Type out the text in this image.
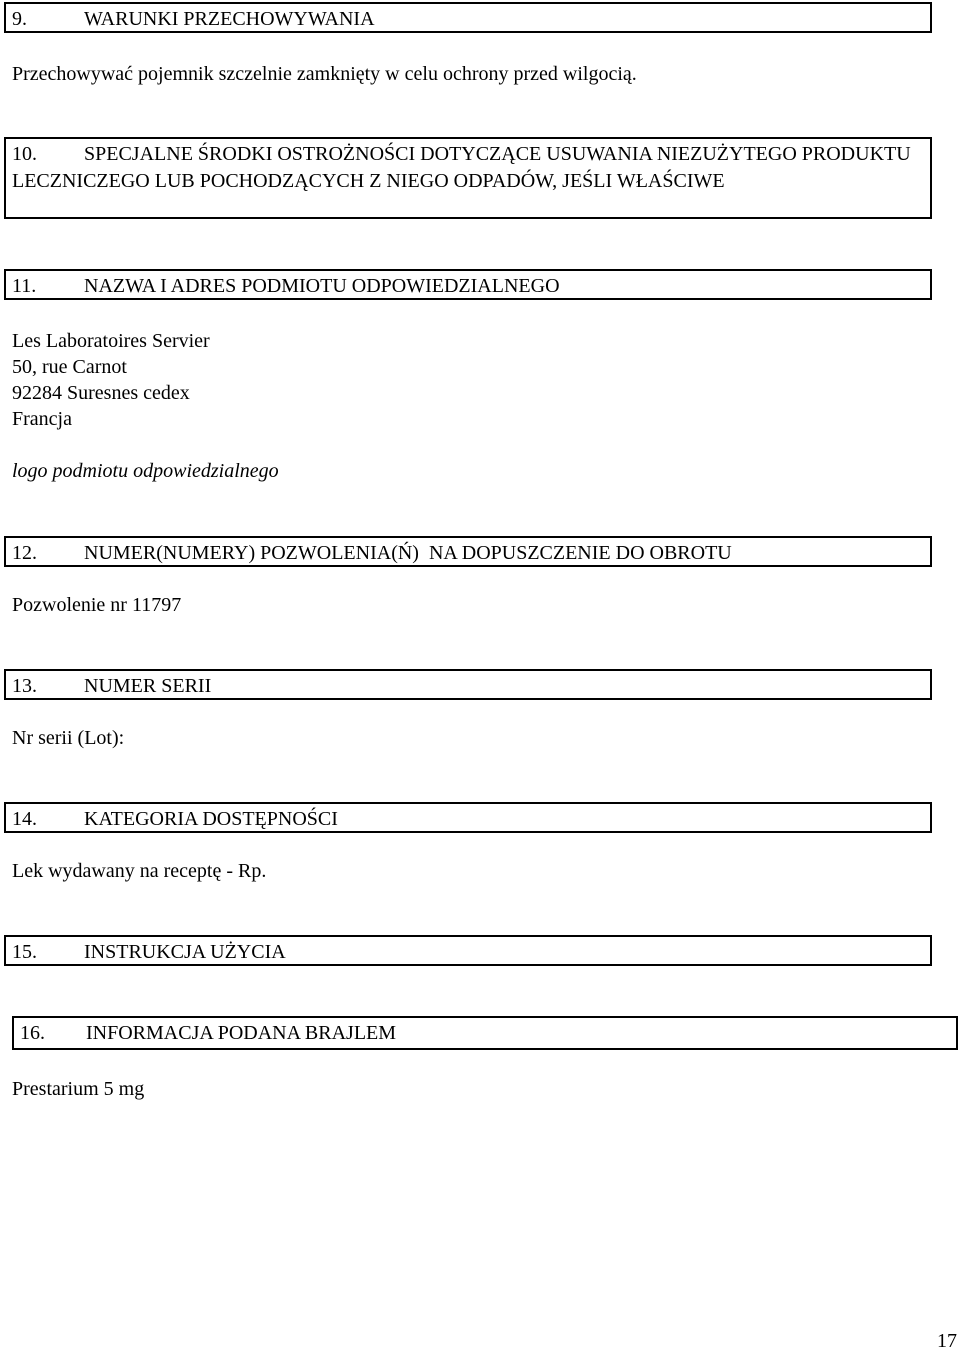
9.	WARUNKI PRZECHOWYWANIA
Przechowywać pojemnik szczelnie zamknięty w celu ochrony przed wilgocią.
10.	SPECJALNE ŚRODKI OSTROŻNOŚCI DOTYCZĄCE USUWANIA NIEZUŻYTEGO PRODUKTU LECZNICZEGO LUB POCHODZĄCYCH Z NIEGO ODPADÓW, JEŚLI WŁAŚCIWE
11.	NAZWA I ADRES PODMIOTU ODPOWIEDZIALNEGO
Les Laboratoires Servier
50, rue Carnot
92284 Suresnes cedex
Francja
logo podmiotu odpowiedzialnego
12.	NUMER(NUMERY) POZWOLENIA(Ń)  NA DOPUSZCZENIE DO OBROTU
Pozwolenie nr 11797
13.	NUMER SERII
Nr serii (Lot):
14.	KATEGORIA DOSTĘPNOŚCI
Lek wydawany na receptę - Rp.
15.	INSTRUKCJA UŻYCIA
16.	INFORMACJA PODANA BRAJLEM
Prestarium 5 mg
17
